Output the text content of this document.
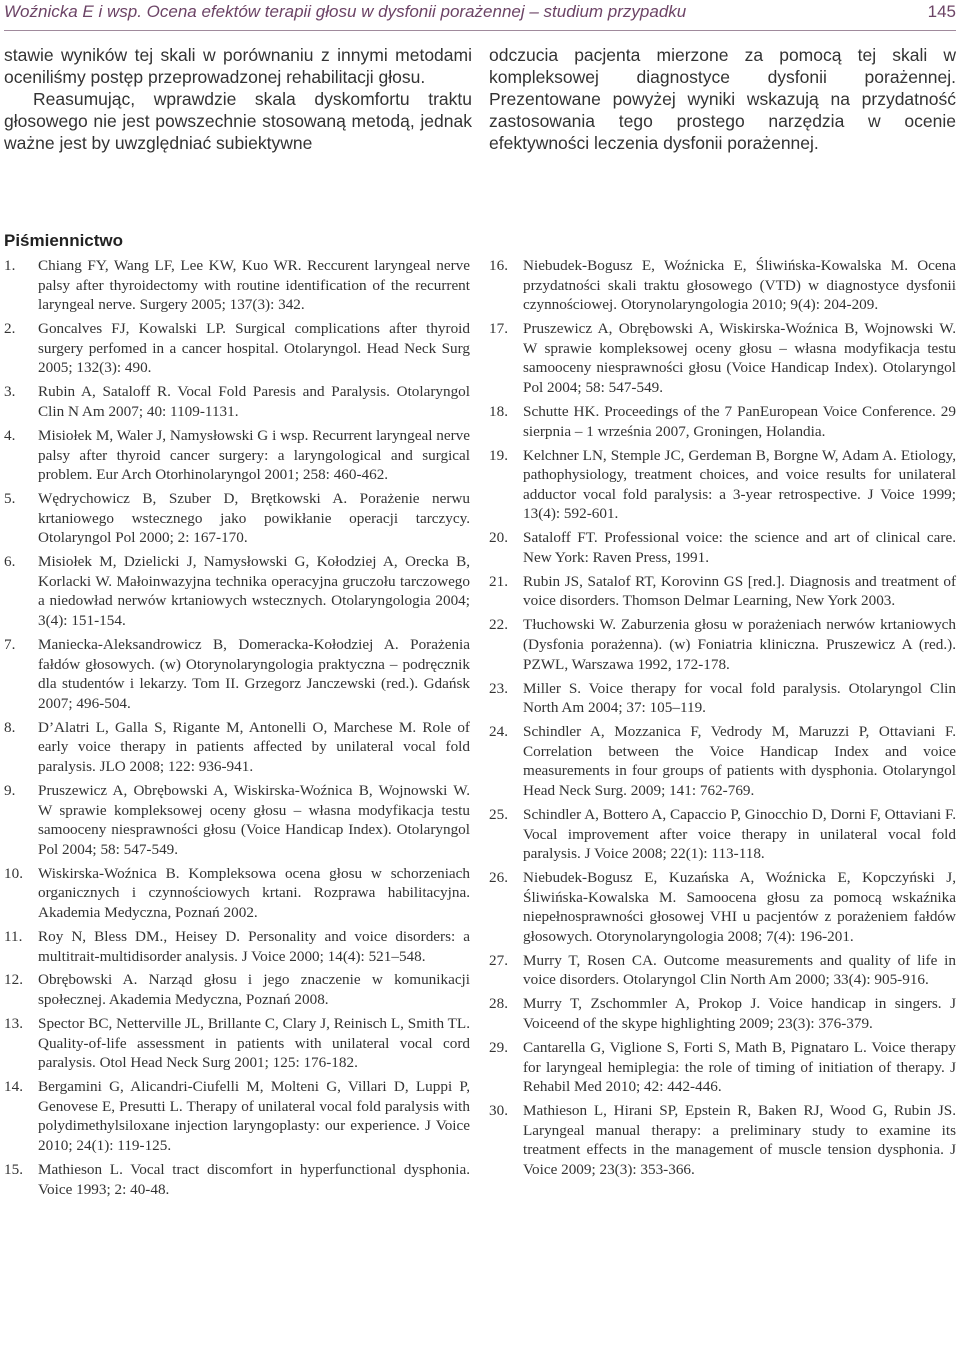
Woźnicka E i wsp. Ocena efektów terapii głosu w dysfonii porażennej – studium przypadku	145

stawie wyników tej skali w porównaniu z innymi metodami oceniliśmy postęp przeprowadzonej rehabilitacji głosu.

Reasumując, wprawdzie skala dyskomfortu traktu głosowego nie jest powszechnie stosowaną metodą, jednak ważne jest by uwzględniać subiektywne

odczucia pacjenta mierzone za pomocą tej skali w kompleksowej diagnostyce dysfonii porażennej. Prezentowane powyżej wyniki wskazują na przydatność zastosowania tego prostego narzędzia w ocenie efektywności leczenia dysfonii porażennej.

Piśmiennictwo
1. Chiang FY, Wang LF, Lee KW, Kuo WR. Reccurent laryngeal nerve palsy after thyroidectomy with routine identification of the recurrent laryngeal nerve. Surgery 2005; 137(3): 342.
2. Goncalves FJ, Kowalski LP. Surgical complications after thyroid surgery perfomed in a cancer hospital. Otolaryngol. Head Neck Surg 2005; 132(3): 490.
3. Rubin A, Sataloff R. Vocal Fold Paresis and Paralysis. Otolaryngol Clin N Am 2007; 40: 1109-1131.
4. Misiołek M, Waler J, Namysłowski G i wsp. Recurrent laryngeal nerve palsy after thyroid cancer surgery: a laryngological and surgical problem. Eur Arch Otorhinolaryngol 2001; 258: 460-462.
5. Wędrychowicz B, Szuber D, Brętkowski A. Porażenie nerwu krtaniowego wstecznego jako powikłanie operacji tarczycy. Otolaryngol Pol 2000; 2: 167-170.
6. Misiołek M, Dzielicki J, Namysłowski G, Kołodziej A, Orecka B, Korlacki W. Małoinwazyjna technika operacyjna gruczołu tarczowego a niedowład nerwów krtaniowych wstecznych. Otolaryngologia 2004; 3(4): 151-154.
7. Maniecka-Aleksandrowicz B, Domeracka-Kołodziej A. Porażenia fałdów głosowych. (w) Otorynolaryngologia praktyczna – podręcznik dla studentów i lekarzy. Tom II. Grzegorz Janczewski (red.). Gdańsk 2007; 496-504.
8. D’Alatri L, Galla S, Rigante M, Antonelli O, Marchese M. Role of early voice therapy in patients affected by unilateral vocal fold paralysis. JLO 2008; 122: 936-941.
9. Pruszewicz A, Obrębowski A, Wiskirska-Woźnica B, Wojnowski W. W sprawie kompleksowej oceny głosu – własna modyfikacja testu samooceny niesprawności głosu (Voice Handicap Index). Otolaryngol Pol 2004; 58: 547-549.
10. Wiskirska-Woźnica B. Kompleksowa ocena głosu w schorzeniach organicznych i czynnościowych krtani. Rozprawa habilitacyjna. Akademia Medyczna, Poznań 2002.
11. Roy N, Bless DM., Heisey D. Personality and voice disorders: a multitrait-multidisorder analysis. J Voice 2000; 14(4): 521–548.
12. Obrębowski A. Narząd głosu i jego znaczenie w komunikacji społecznej. Akademia Medyczna, Poznań 2008.
13. Spector BC, Netterville JL, Brillante C, Clary J, Reinisch L, Smith TL. Quality-of-life assessment in patients with unilateral vocal cord paralysis. Otol Head Neck Surg 2001; 125: 176-182.
14. Bergamini G, Alicandri-Ciufelli M, Molteni G, Villari D, Luppi P, Genovese E, Presutti L. Therapy of unilateral vocal fold paralysis with polydimethylsiloxane injection laryngoplasty: our experience. J Voice 2010; 24(1): 119-125.
15. Mathieson L. Vocal tract discomfort in hyperfunctional dysphonia. Voice 1993; 2: 40-48.
16. Niebudek-Bogusz E, Woźnicka E, Śliwińska-Kowalska M. Ocena przydatności skali traktu głosowego (VTD) w diagnostyce dysfonii czynnościowej. Otorynolaryngologia 2010; 9(4): 204-209.
17. Pruszewicz A, Obrębowski A, Wiskirska-Woźnica B, Wojnowski W. W sprawie kompleksowej oceny głosu – własna modyfikacja testu samooceny niesprawności głosu (Voice Handicap Index). Otolaryngol Pol 2004; 58: 547-549.
18. Schutte HK. Proceedings of the 7 PanEuropean Voice Conference. 29 sierpnia – 1 września 2007, Groningen, Holandia.
19. Kelchner LN, Stemple JC, Gerdeman B, Borgne W, Adam A. Etiology, pathophysiology, treatment choices, and voice results for unilateral adductor vocal fold paralysis: a 3-year retrospective. J Voice 1999; 13(4): 592-601.
20. Sataloff FT. Professional voice: the science and art of clinical care. New York: Raven Press, 1991.
21. Rubin JS, Satalof RT, Korovinn GS [red.]. Diagnosis and treatment of voice disorders. Thomson Delmar Learning, New York 2003.
22. Tłuchowski W. Zaburzenia głosu w porażeniach nerwów krtaniowych (Dysfonia porażenna). (w) Foniatria kliniczna. Pruszewicz A (red.). PZWL, Warszawa 1992, 172-178.
23. Miller S. Voice therapy for vocal fold paralysis. Otolaryngol Clin North Am 2004; 37: 105–119.
24. Schindler A, Mozzanica F, Vedrody M, Maruzzi P, Ottaviani F. Correlation between the Voice Handicap Index and voice measurements in four groups of patients with dysphonia. Otolaryngol Head Neck Surg. 2009; 141: 762-769.
25. Schindler A, Bottero A, Capaccio P, Ginocchio D, Dorni F, Ottaviani F. Vocal improvement after voice therapy in unilateral vocal fold paralysis. J Voice 2008; 22(1): 113-118.
26. Niebudek-Bogusz E, Kuzańska A, Woźnicka E, Kopczyński J, Śliwińska-Kowalska M. Samoocena głosu za pomocą wskaźnika niepełnosprawności głosowej VHI u pacjentów z porażeniem fałdów głosowych. Otorynolaryngologia 2008; 7(4): 196-201.
27. Murry T, Rosen CA. Outcome measurements and quality of life in voice disorders. Otolaryngol Clin North Am 2000; 33(4): 905-916.
28. Murry T, Zschommler A, Prokop J. Voice handicap in singers. J Voiceend of the skype highlighting 2009; 23(3): 376-379.
29. Cantarella G, Viglione S, Forti S, Math B, Pignataro L. Voice therapy for laryngeal hemiplegia: the role of timing of initiation of therapy. J Rehabil Med 2010; 42: 442-446.
30. Mathieson L, Hirani SP, Epstein R, Baken RJ, Wood G, Rubin JS. Laryngeal manual therapy: a preliminary study to examine its treatment effects in the management of muscle tension dysphonia. J Voice 2009; 23(3): 353-366.
